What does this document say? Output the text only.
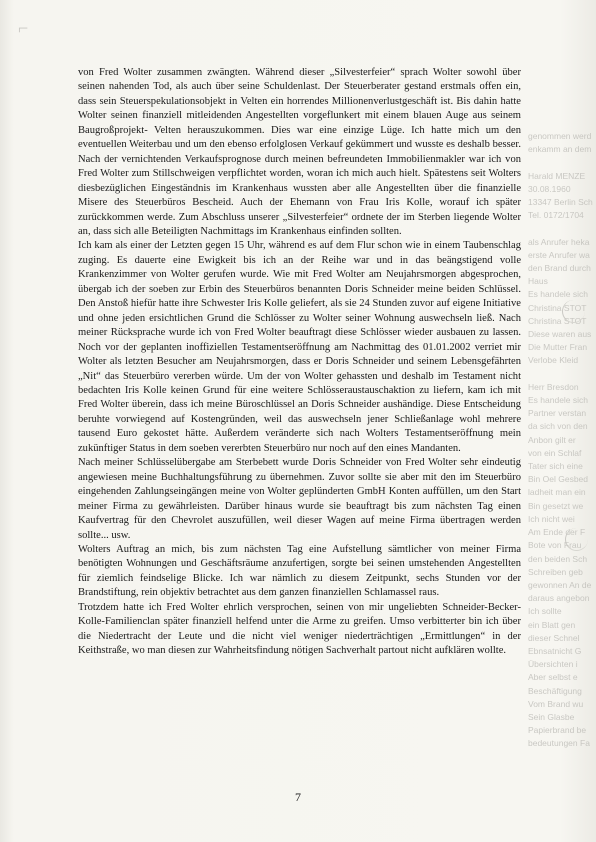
⌐
genommen werd
enkamm an dem

Harald MENZE
30.08.1960
13347 Berlin Sch
Tel. 0172/1704

als Anrufer heka
erste Anrufer wa
den Brand durch
Haus
Es handele sich
Christina STOT
Christina STOT
Diese waren aus
Die Mutter Fran
Verlobe Kleid

Herr Bresdon
Es handele sich
Partner verstan
da sich von den
Anbon gilt er
von ein Schlaf
Tater sich eine
Bin Oel Gesbed
ladheit man ein
Bin gesetzt we
Ich nicht wei
Am Ende der F
Bote von Frau
den beiden Sch
Schreiben geb
gewonnen An de
daraus angebon
Ich sollte
ein Blatt gen
dieser Schnel
Ebnsatnicht G
Übersichten i
Aber selbst e
Beschäftigung
Vom Brand wu
Sein Glasbe
Papierbrand be
bedeutungen Fa

von Fred Wolter zusammen zwängten. Während dieser „Silvesterfeier“ sprach Wolter sowohl über seinen nahenden Tod, als auch über seine Schuldenlast. Der Steuerberater gestand erstmals offen ein, dass sein Steuerspekulationsobjekt in Velten ein horrendes Millionenverlustgeschäft ist. Bis dahin hatte Wolter seinen finanziell mitleidenden Angestellten vorgeflunkert mit einem blauen Auge aus seinem Baugroßprojekt- Velten herauszukommen. Dies war eine einzige Lüge. Ich hatte mich um den eventuellen Weiterbau und um den ebenso erfolglosen Verkauf gekümmert und wusste es deshalb besser. Nach der vernichtenden Verkaufsprognose durch meinen befreundeten Immobilienmakler war ich von Fred Wolter zum Stillschweigen verpflichtet worden, woran ich mich auch hielt. Spätestens seit Wolters diesbezüglichen Eingeständnis im Krankenhaus wussten aber alle Angestellten über die finanzielle Misere des Steuerbüros Bescheid. Auch der Ehemann von Frau Iris Kolle, worauf ich später zurückkommen werde. Zum Abschluss unserer „Silvesterfeier“ ordnete der im Sterben liegende Wolter an, dass sich alle Beteiligten Nachmittags im Krankenhaus einfinden sollten.

Ich kam als einer der Letzten gegen 15 Uhr, während es auf dem Flur schon wie in einem Taubenschlag zuging. Es dauerte eine Ewigkeit bis ich an der Reihe war und in das beängstigend volle Krankenzimmer von Wolter gerufen wurde. Wie mit Fred Wolter am Neujahrsmorgen abgesprochen, übergab ich der soeben zur Erbin des Steuerbüros benannten Doris Schneider meine beiden Schlüssel. Den Anstoß hiefür hatte ihre Schwester Iris Kolle geliefert, als sie 24 Stunden zuvor auf eigene Initiative und ohne jeden ersichtlichen Grund die Schlösser zu Wolter seiner Wohnung auswechseln ließ. Nach meiner Rücksprache wurde ich von Fred Wolter beauftragt diese Schlösser wieder ausbauen zu lassen. Noch vor der geplanten inoffiziellen Testamentseröffnung am Nachmittag des 01.01.2002 verriet mir Wolter als letzten Besucher am Neujahrsmorgen, dass er Doris Schneider und seinem Lebensgefährten „Nit“ das Steuerbüro vererben würde. Um der von Wolter gehassten und deshalb im Testament nicht bedachten Iris Kolle keinen Grund für eine weitere Schlösseraustauschaktion zu liefern, kam ich mit Fred Wolter überein, dass ich meine Büroschlüssel an Doris Schneider aushändige. Diese Entscheidung beruhte vorwiegend auf Kostengründen, weil das auswechseln jener Schließanlage wohl mehrere tausend Euro gekostet hätte. Außerdem veränderte sich nach Wolters Testamentseröffnung mein zukünftiger Status in dem soeben vererbten Steuerbüro nur noch auf den eines Mandanten.

Nach meiner Schlüsselübergabe am Sterbebett wurde Doris Schneider von Fred Wolter sehr eindeutig angewiesen meine Buchhaltungsführung zu übernehmen. Zuvor sollte sie aber mit den im Steuerbüro eingehenden Zahlungseingängen meine von Wolter geplünderten GmbH Konten auffüllen, um den Start meiner Firma zu gewährleisten. Darüber hinaus wurde sie beauftragt bis zum nächsten Tag einen Kaufvertrag für den Chevrolet auszufüllen, weil dieser Wagen auf meine Firma übertragen werden sollte... usw.

Wolters Auftrag an mich, bis zum nächsten Tag eine Aufstellung sämtlicher von meiner Firma benötigten Wohnungen und Geschäftsräume anzufertigen, sorgte bei seinen umstehenden Angestellten für ziemlich feindselige Blicke. Ich war nämlich zu diesem Zeitpunkt, sechs Stunden vor der Brandstiftung, rein objektiv betrachtet aus dem ganzen finanziellen Schlamassel raus.

Trotzdem hatte ich Fred Wolter ehrlich versprochen, seinen von mir ungeliebten Schneider-Becker-Kolle-Familienclan später finanziell helfend unter die Arme zu greifen. Umso verbitterter bin ich über die Niedertracht der Leute und die nicht viel weniger niederträchtigen „Ermittlungen“ in der Keithstraße, wo man diesen zur Wahrheitsfindung nötigen Sachverhalt partout nicht aufklären wollte.

7
